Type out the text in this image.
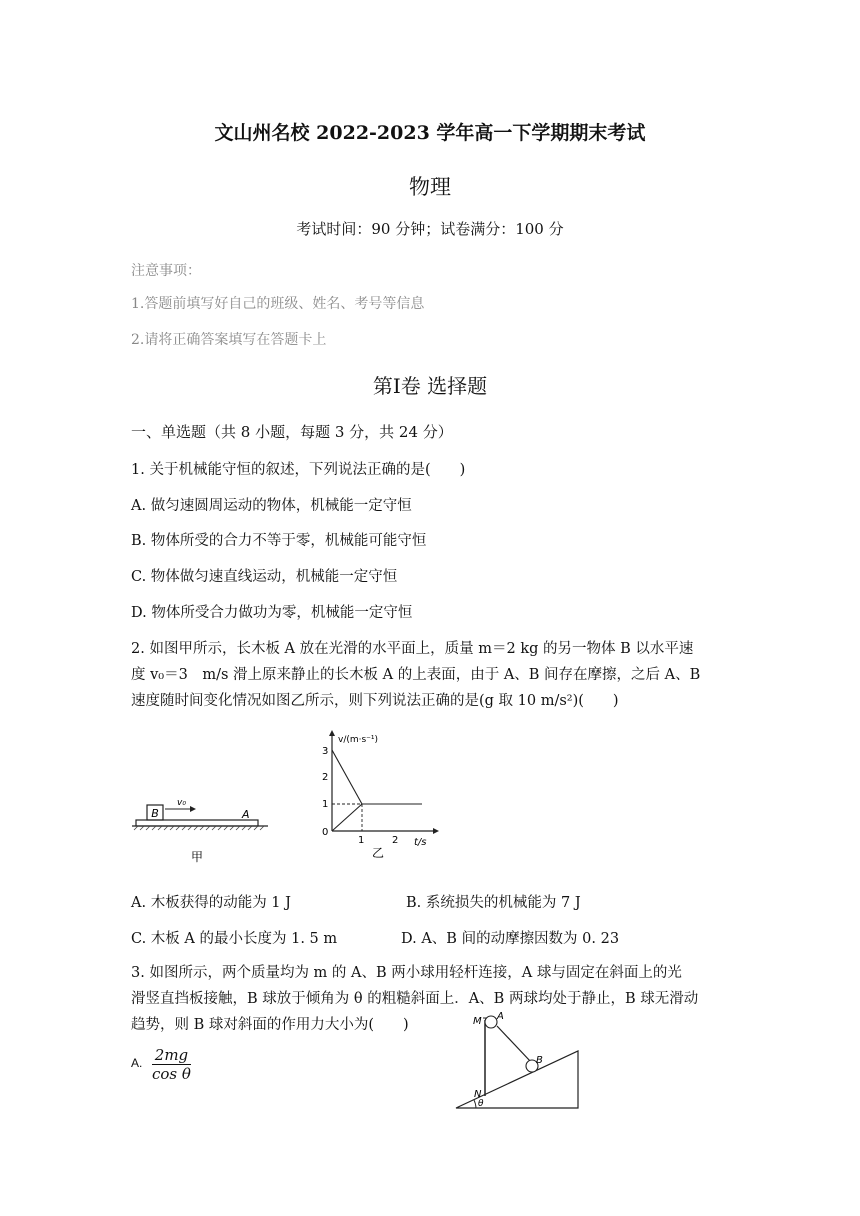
文山州名校 2022-2023 学年高一下学期期末考试
物理
考试时间：90 分钟；试卷满分：100 分
注意事项：
1.答题前填写好自己的班级、姓名、考号等信息
2.请将正确答案填写在答题卡上
第Ⅰ卷 选择题
一、单选题（共 8 小题，每题 3 分，共 24 分）
1. 关于机械能守恒的叙述，下列说法正确的是(　　)
A. 做匀速圆周运动的物体，机械能一定守恒
B. 物体所受的合力不等于零，机械能可能守恒
C. 物体做匀速直线运动，机械能一定守恒
D. 物体所受合力做功为零，机械能一定守恒
2. 如图甲所示，长木板 A 放在光滑的水平面上，质量 m＝2 kg 的另一物体 B 以水平速
度 v₀＝3　m/s 滑上原来静止的长木板 A 的上表面，由于 A、B 间存在摩擦，之后 A、B
速度随时间变化情况如图乙所示，则下列说法正确的是(g 取 10 m/s²)(　　)
B
v₀
A
甲
v/(m·s⁻¹)
t/s
3
2
1
0
1	2
乙
A. 木板获得的动能为 1 J	B. 系统损失的机械能为 7 J
C. 木板 A 的最小长度为 1. 5 m	D. A、B 间的动摩擦因数为 0. 23
3. 如图所示，两个质量均为 m 的 A、B 两小球用轻杆连接，A 球与固定在斜面上的光
滑竖直挡板接触，B 球放于倾角为 θ 的粗糙斜面上．A、B 两球均处于静止，B 球无滑动
趋势，则 B 球对斜面的作用力大小为(　　)
A. $\frac{2mg}{\text{cos θ}}$
M A
B
N
θ
